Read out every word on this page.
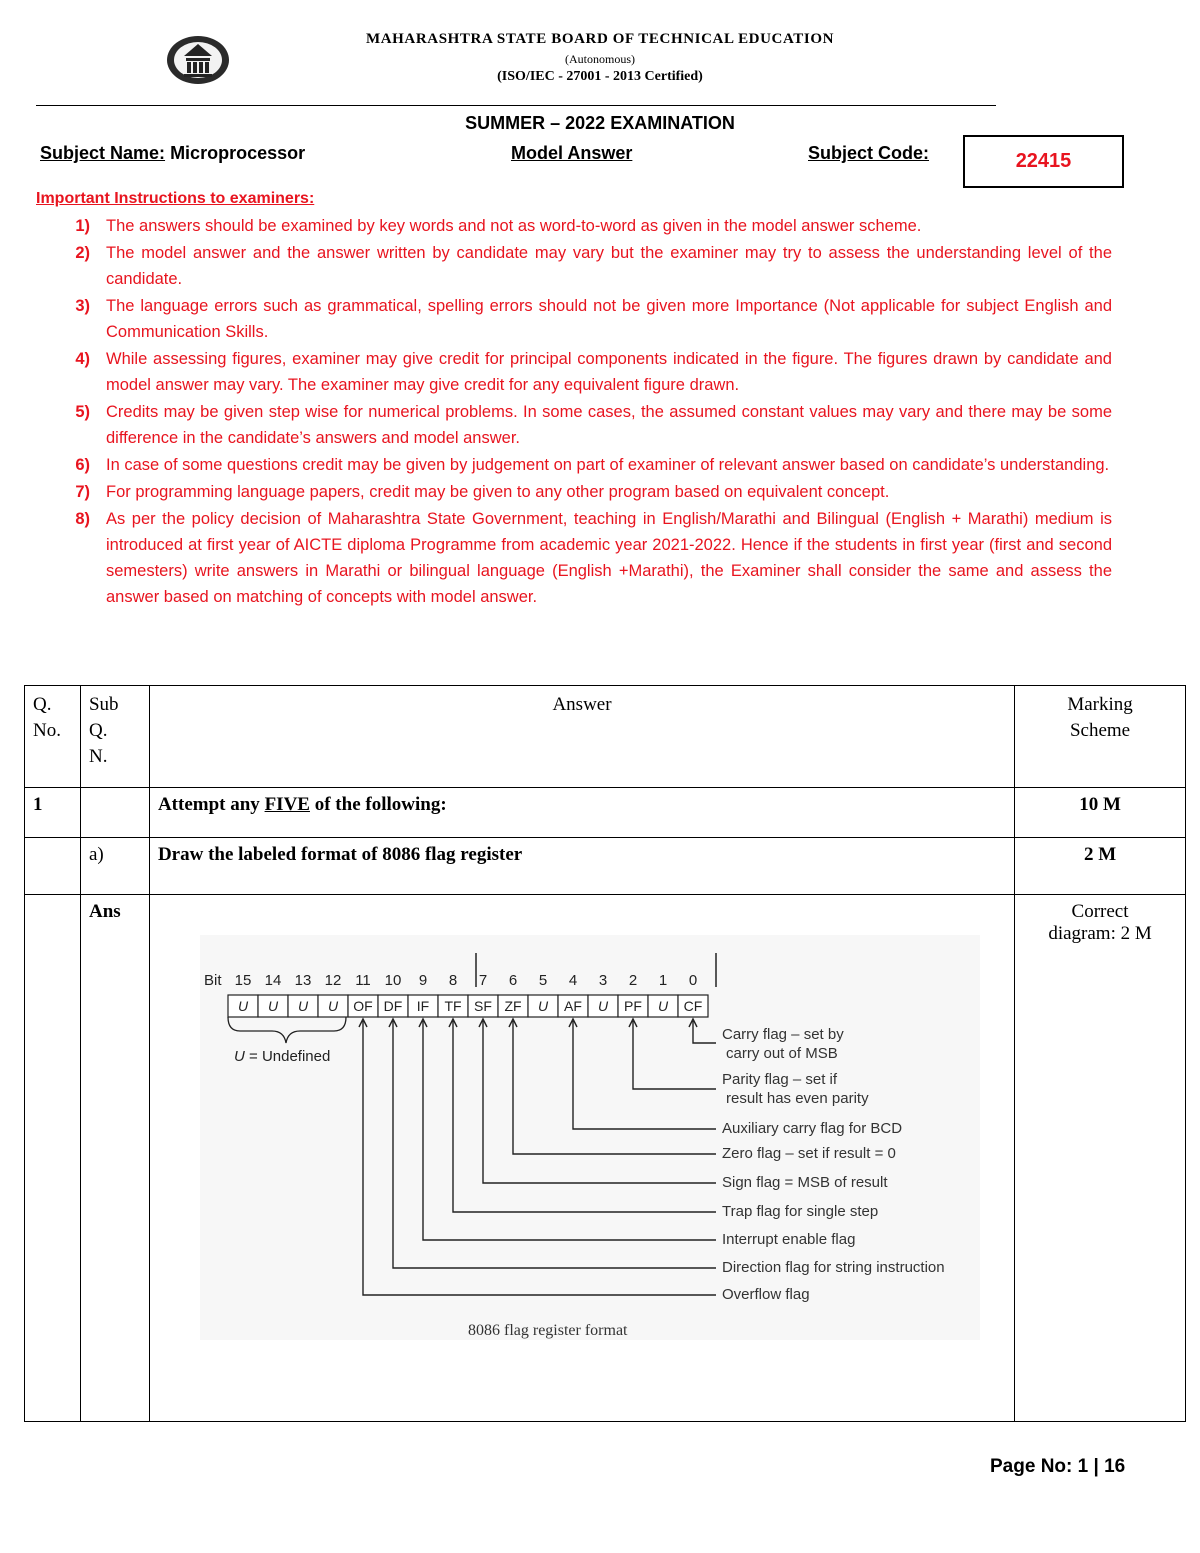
MAHARASHTRA STATE BOARD OF TECHNICAL EDUCATION
(Autonomous)
(ISO/IEC - 27001 - 2013 Certified)
SUMMER – 2022 EXAMINATION
Subject Name: Microprocessor	Model Answer	Subject Code:	22415
Important Instructions to examiners:
1) The answers should be examined by key words and not as word-to-word as given in the model answer scheme.
2) The model answer and the answer written by candidate may vary but the examiner may try to assess the understanding level of the candidate.
3) The language errors such as grammatical, spelling errors should not be given more Importance (Not applicable for subject English and Communication Skills.
4) While assessing figures, examiner may give credit for principal components indicated in the figure. The figures drawn by candidate and model answer may vary. The examiner may give credit for any equivalent figure drawn.
5) Credits may be given step wise for numerical problems. In some cases, the assumed constant values may vary and there may be some difference in the candidate’s answers and model answer.
6) In case of some questions credit may be given by judgement on part of examiner of relevant answer based on candidate’s understanding.
7) For programming language papers, credit may be given to any other program based on equivalent concept.
8) As per the policy decision of Maharashtra State Government, teaching in English/Marathi and Bilingual (English + Marathi) medium is introduced at first year of AICTE diploma Programme from academic year 2021-2022. Hence if the students in first year (first and second semesters) write answers in Marathi or bilingual language (English +Marathi), the Examiner shall consider the same and assess the answer based on matching of concepts with model answer.
Q.
No.	Sub
Q.
N.	Answer	Marking
Scheme
1		Attempt any FIVE of the following:	10 M
	a)	Draw the labeled format of 8086 flag register	2 M
	Ans		Correct
diagram: 2 M
Bit 15 14 13 12 11 10 9 8 7 6 5 4 3 2 1 0
U U U U OF DF IF TF SF ZF U AF U PF U CF
U = Undefined
Carry flag – set by
carry out of MSB
Parity flag – set if
result has even parity
Auxiliary carry flag for BCD
Zero flag – set if result = 0
Sign flag = MSB of result
Trap flag for single step
Interrupt enable flag
Direction flag for string instruction
Overflow flag
8086 flag register format
Page No: 1 | 16
